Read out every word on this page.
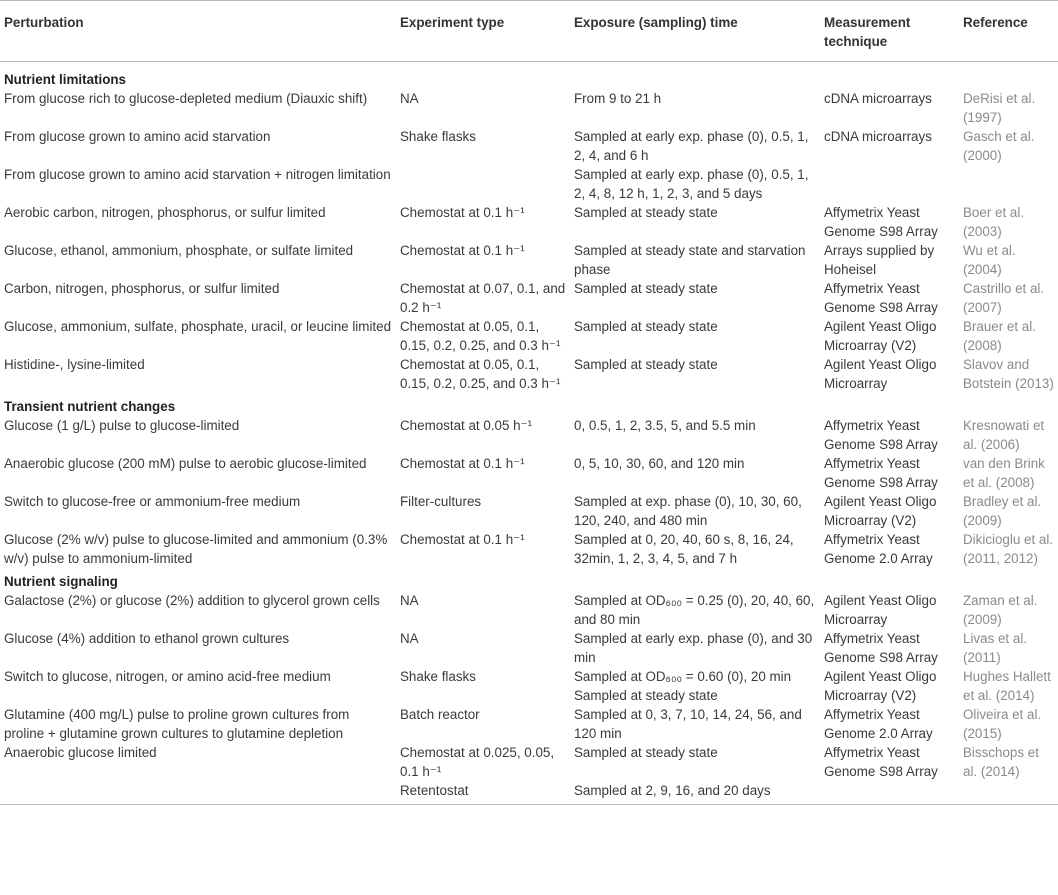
Perturbation	Experiment type	Exposure (sampling) time	Measurement technique	Reference
Nutrient limitations				
From glucose rich to glucose-depleted medium (Diauxic shift)	NA	From 9 to 21 h	cDNA microarrays	DeRisi et al. (1997)
From glucose grown to amino acid starvation	Shake flasks	Sampled at early exp. phase (0), 0.5, 1, 2, 4, and 6 h	cDNA microarrays	Gasch et al. (2000)
From glucose grown to amino acid starvation + nitrogen limitation		Sampled at early exp. phase (0), 0.5, 1, 2, 4, 8, 12 h, 1, 2, 3, and 5 days		
Aerobic carbon, nitrogen, phosphorus, or sulfur limited	Chemostat at 0.1 h⁻¹	Sampled at steady state	Affymetrix Yeast Genome S98 Array	Boer et al. (2003)
Glucose, ethanol, ammonium, phosphate, or sulfate limited	Chemostat at 0.1 h⁻¹	Sampled at steady state and starvation phase	Arrays supplied by Hoheisel	Wu et al. (2004)
Carbon, nitrogen, phosphorus, or sulfur limited	Chemostat at 0.07, 0.1, and 0.2 h⁻¹	Sampled at steady state	Affymetrix Yeast Genome S98 Array	Castrillo et al. (2007)
Glucose, ammonium, sulfate, phosphate, uracil, or leucine limited	Chemostat at 0.05, 0.1, 0.15, 0.2, 0.25, and 0.3 h⁻¹	Sampled at steady state	Agilent Yeast Oligo Microarray (V2)	Brauer et al. (2008)
Histidine-, lysine-limited	Chemostat at 0.05, 0.1, 0.15, 0.2, 0.25, and 0.3 h⁻¹	Sampled at steady state	Agilent Yeast Oligo Microarray	Slavov and Botstein (2013)
Transient nutrient changes				
Glucose (1 g/L) pulse to glucose-limited	Chemostat at 0.05 h⁻¹	0, 0.5, 1, 2, 3.5, 5, and 5.5 min	Affymetrix Yeast Genome S98 Array	Kresnowati et al. (2006)
Anaerobic glucose (200 mM) pulse to aerobic glucose-limited	Chemostat at 0.1 h⁻¹	0, 5, 10, 30, 60, and 120 min	Affymetrix Yeast Genome S98 Array	van den Brink et al. (2008)
Switch to glucose-free or ammonium-free medium	Filter-cultures	Sampled at exp. phase (0), 10, 30, 60, 120, 240, and 480 min	Agilent Yeast Oligo Microarray (V2)	Bradley et al. (2009)
Glucose (2% w/v) pulse to glucose-limited and ammonium (0.3% w/v) pulse to ammonium-limited	Chemostat at 0.1 h⁻¹	Sampled at 0, 20, 40, 60 s, 8, 16, 24, 32min, 1, 2, 3, 4, 5, and 7 h	Affymetrix Yeast Genome 2.0 Array	Dikicioglu et al. (2011, 2012)
Nutrient signaling				
Galactose (2%) or glucose (2%) addition to glycerol grown cells	NA	Sampled at OD₆₀₀ = 0.25 (0), 20, 40, 60, and 80 min	Agilent Yeast Oligo Microarray	Zaman et al. (2009)
Glucose (4%) addition to ethanol grown cultures	NA	Sampled at early exp. phase (0), and 30 min	Affymetrix Yeast Genome S98 Array	Livas et al. (2011)
Switch to glucose, nitrogen, or amino acid-free medium	Shake flasks	Sampled at OD₆₀₀ = 0.60 (0), 20 min Sampled at steady state	Agilent Yeast Oligo Microarray (V2)	Hughes Hallett et al. (2014)
Glutamine (400 mg/L) pulse to proline grown cultures from proline + glutamine grown cultures to glutamine depletion	Batch reactor	Sampled at 0, 3, 7, 10, 14, 24, 56, and 120 min	Affymetrix Yeast Genome 2.0 Array	Oliveira et al. (2015)
Anaerobic glucose limited	Chemostat at 0.025, 0.05, 0.1 h⁻¹	Sampled at steady state	Affymetrix Yeast Genome S98 Array	Bisschops et al. (2014)
	Retentostat	Sampled at 2, 9, 16, and 20 days		
